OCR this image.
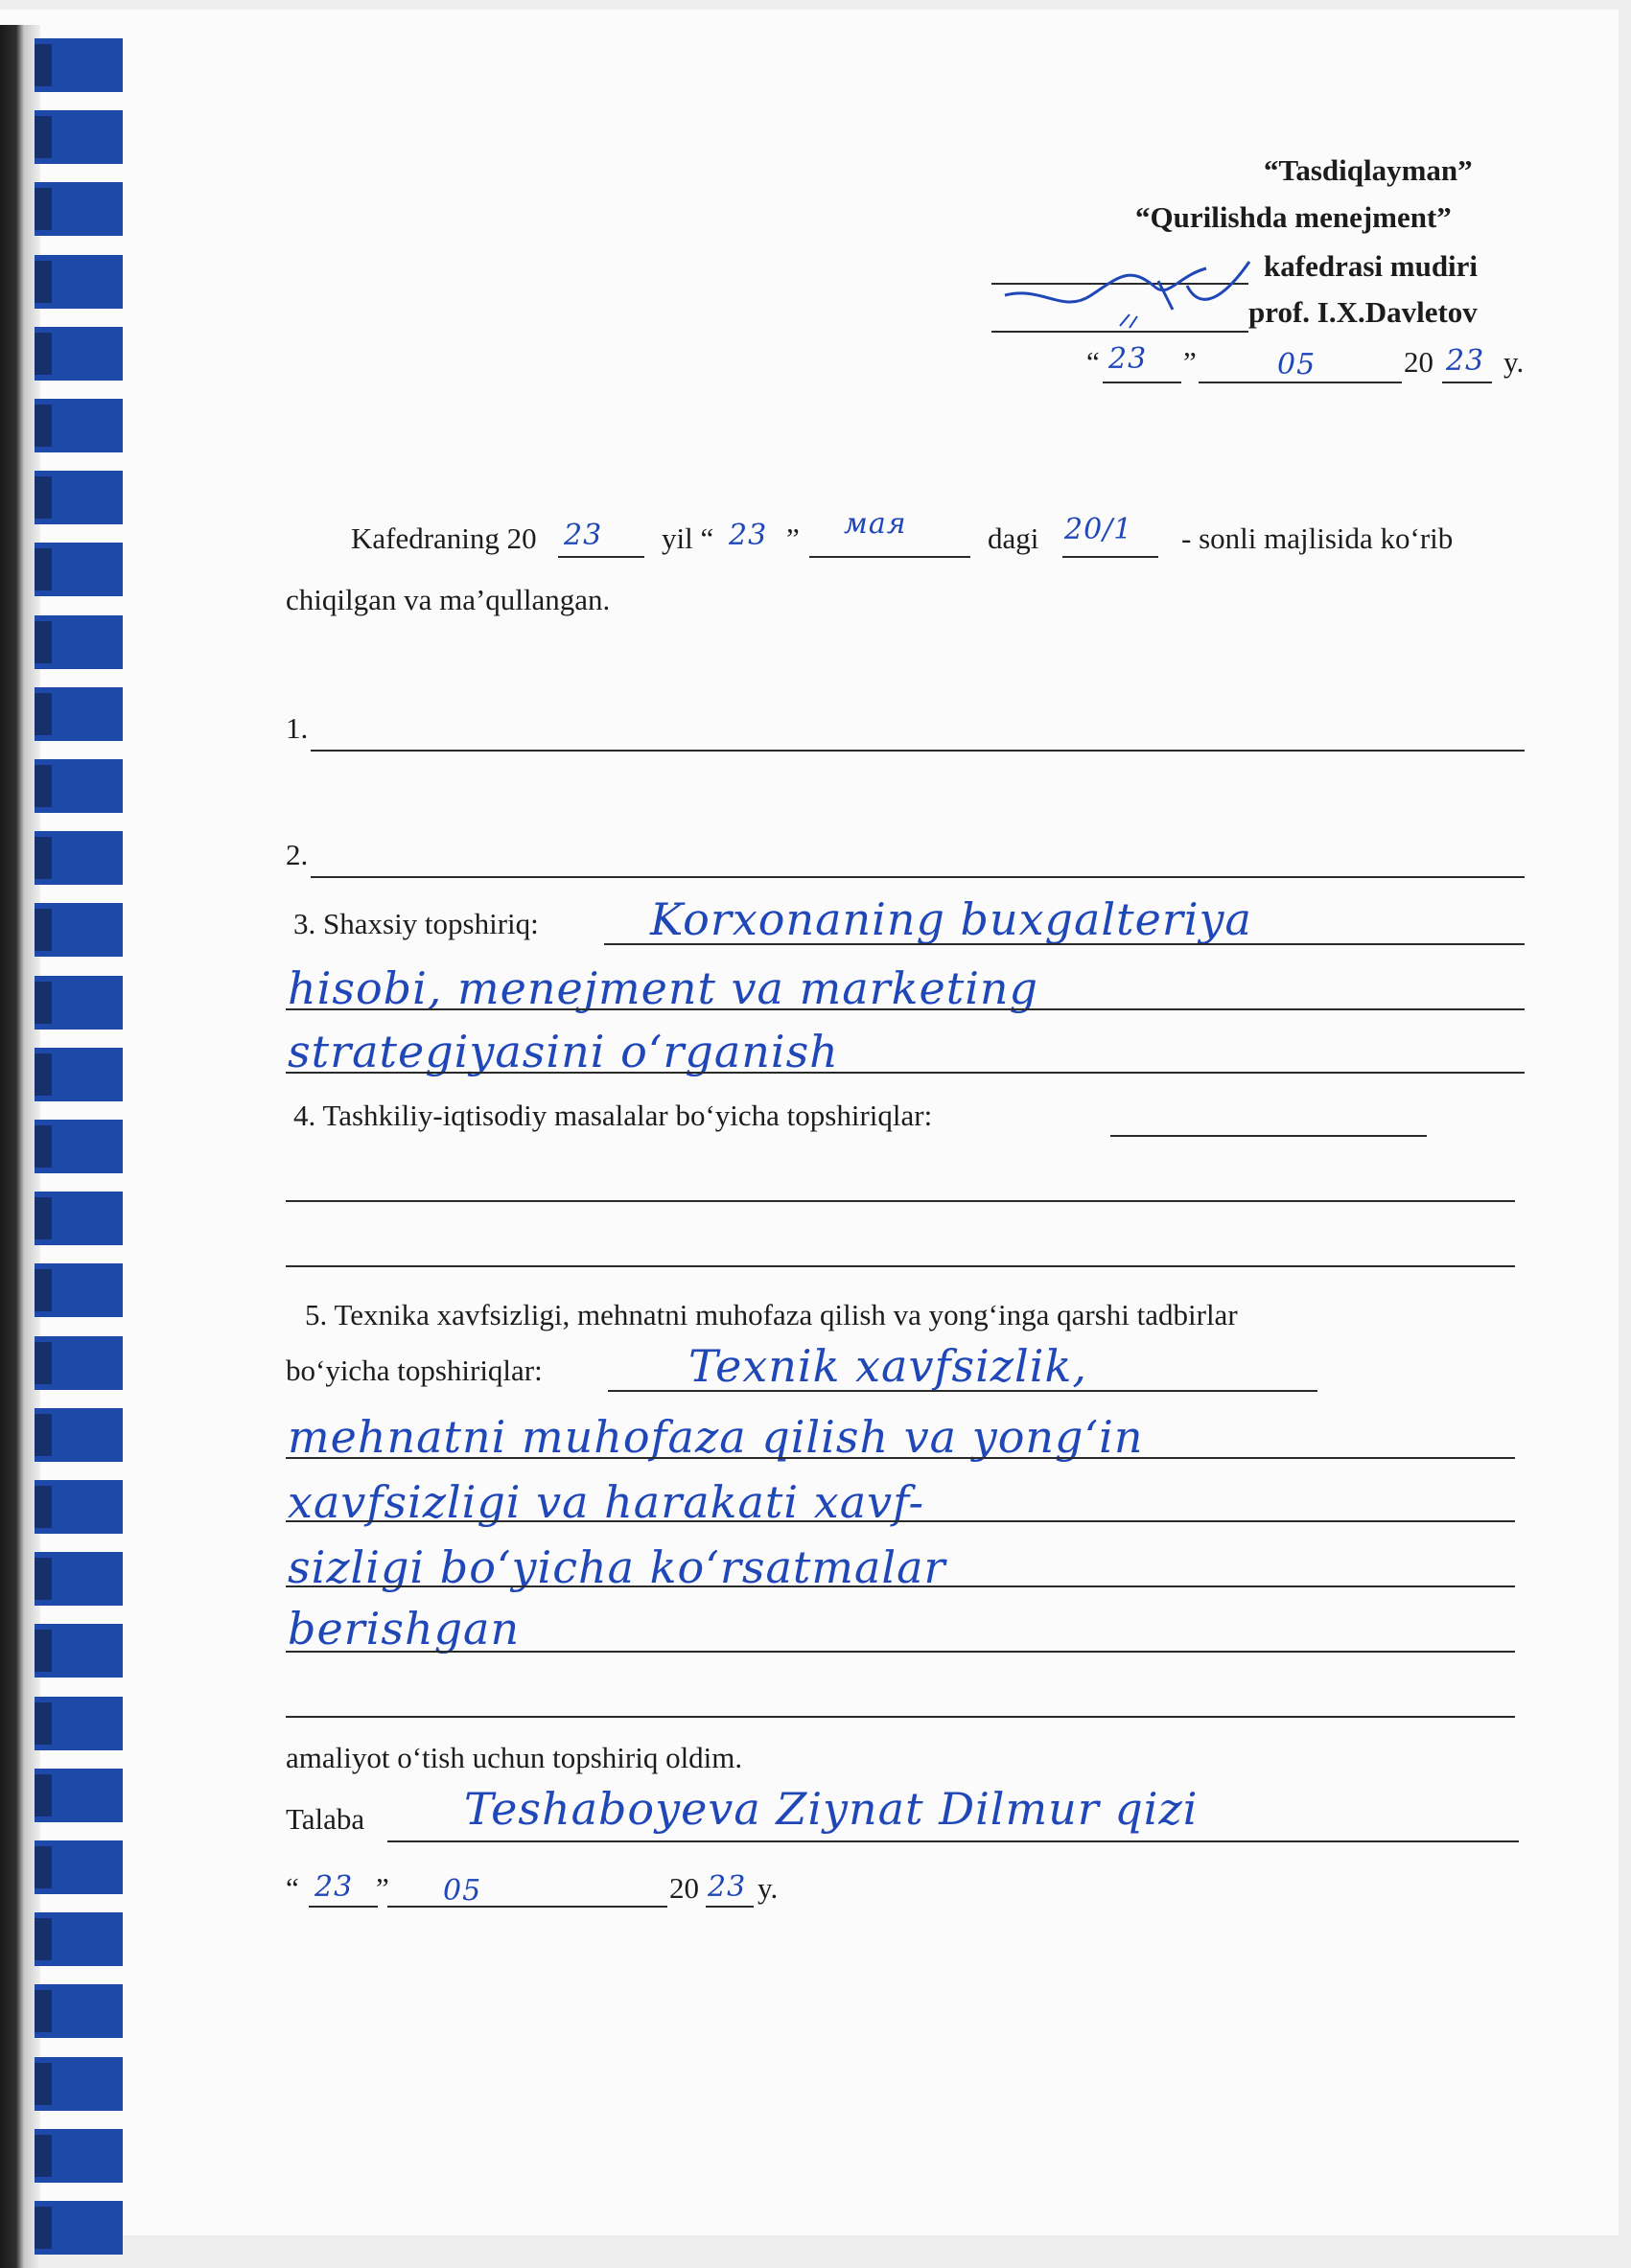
“Tasdiqlayman”
“Qurilishda menejment”
kafedrasi mudiri
prof. I.X.Davletov
“ 23 ”	05	20 23 y.
Kafedraning 20 23 yil “ 23 ” мая	dagi 20/1 - sonli majlisida ko‘rib
chiqilgan va ma’qullangan.
1.
2.
3. Shaxsiy topshiriq:	Korxonaning buxgalteriya
hisobi, menejment va marketing
strategiyasini o‘rganish
4. Tashkiliy-iqtisodiy masalalar bo‘yicha topshiriqlar:
5. Texnika xavfsizligi, mehnatni muhofaza qilish va yong‘inga qarshi tadbirlar
bo‘yicha topshiriqlar:	Texnik xavfsizlik,
mehnatni muhofaza qilish va yong‘in
xavfsizligi va harakati xavf-
sizligi bo‘yicha ko‘rsatmalar
berishgan
amaliyot o‘tish uchun topshiriq oldim.
Talaba Teshaboyeva Ziynat Dilmur qizi
“ 23 ” 05	20 23 y.
